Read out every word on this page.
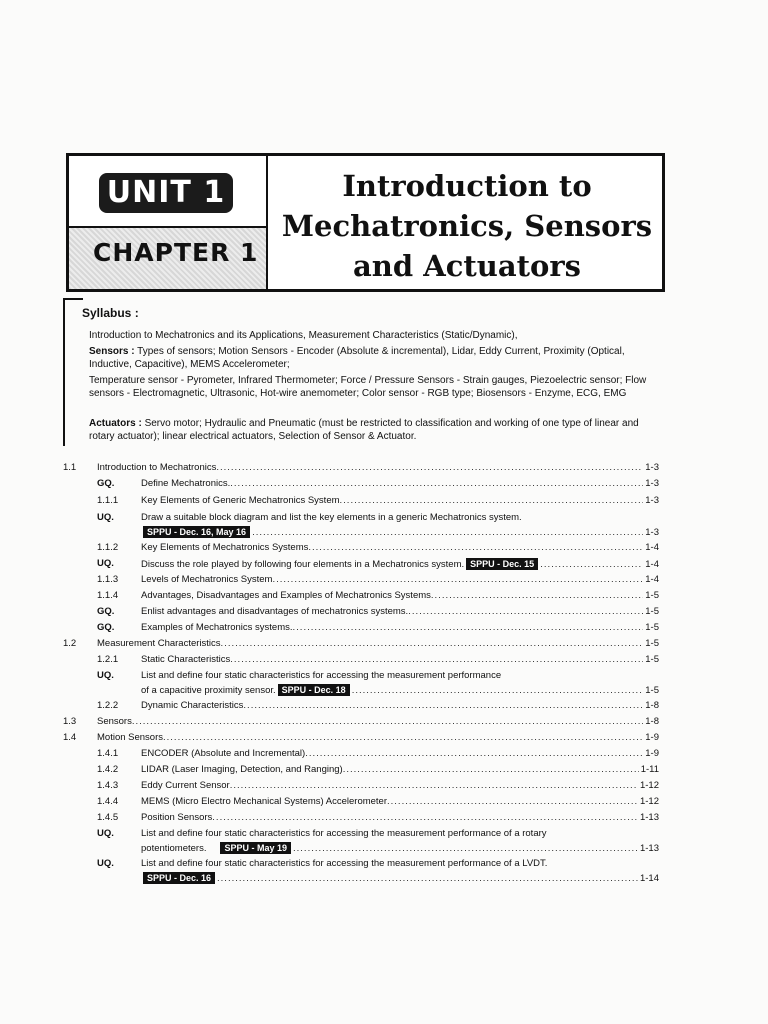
UNIT 1
CHAPTER 1
Introduction to
Mechatronics, Sensors
and Actuators
Syllabus :
Introduction to Mechatronics and its Applications, Measurement Characteristics (Static/Dynamic),
Sensors : Types of sensors; Motion Sensors - Encoder (Absolute & incremental), Lidar, Eddy Current, Proximity (Optical, Inductive, Capacitive), MEMS Accelerometer;
Temperature sensor - Pyrometer, Infrared Thermometer; Force / Pressure Sensors - Strain gauges, Piezoelectric sensor; Flow sensors - Electromagnetic, Ultrasonic, Hot-wire anemometer; Color sensor - RGB type; Biosensors - Enzyme, ECG, EMG
Actuators : Servo motor; Hydraulic and Pneumatic (must be restricted to classification and working of one type of linear and rotary actuator); linear electrical actuators, Selection of Sensor & Actuator.
1.1 Introduction to Mechatronics .....	1-3
GQ.	Define Mechatronics. .....	1-3
1.1.1 Key Elements of Generic Mechatronics System .....	1-3
UQ.	Draw a suitable block diagram and list the key elements in a generic Mechatronics system.
SPPU - Dec. 16, May 16 .....	1-3
1.1.2 Key Elements of Mechatronics Systems .....	1-4
UQ.	Discuss the role played by following four elements in a Mechatronics system. SPPU - Dec. 15 .....	1-4
1.1.3 Levels of Mechatronics System .....	1-4
1.1.4 Advantages, Disadvantages and Examples of Mechatronics Systems .....	1-5
GQ.	Enlist advantages and disadvantages of mechatronics systems. .....	1-5
GQ.	Examples of Mechatronics systems. .....	1-5
1.2 Measurement Characteristics .....	1-5
1.2.1 Static Characteristics .....	1-5
UQ.	List and define four static characteristics for accessing the measurement performance
of a capacitive proximity sensor. SPPU - Dec. 18 .....	1-5
1.2.2 Dynamic Characteristics .....	1-8
1.3 Sensors .....	1-8
1.4 Motion Sensors .....	1-9
1.4.1 ENCODER (Absolute and Incremental) .....	1-9
1.4.2 LIDAR (Laser Imaging, Detection, and Ranging) .....	1-11
1.4.3 Eddy Current Sensor .....	1-12
1.4.4 MEMS (Micro Electro Mechanical Systems) Accelerometer .....	1-12
1.4.5 Position Sensors .....	1-13
UQ.	List and define four static characteristics for accessing the measurement performance of a rotary
potentiometers.	SPPU - May 19 .....	1-13
UQ.	List and define four static characteristics for accessing the measurement performance of a LVDT.
SPPU - Dec. 16 .....	1-14
